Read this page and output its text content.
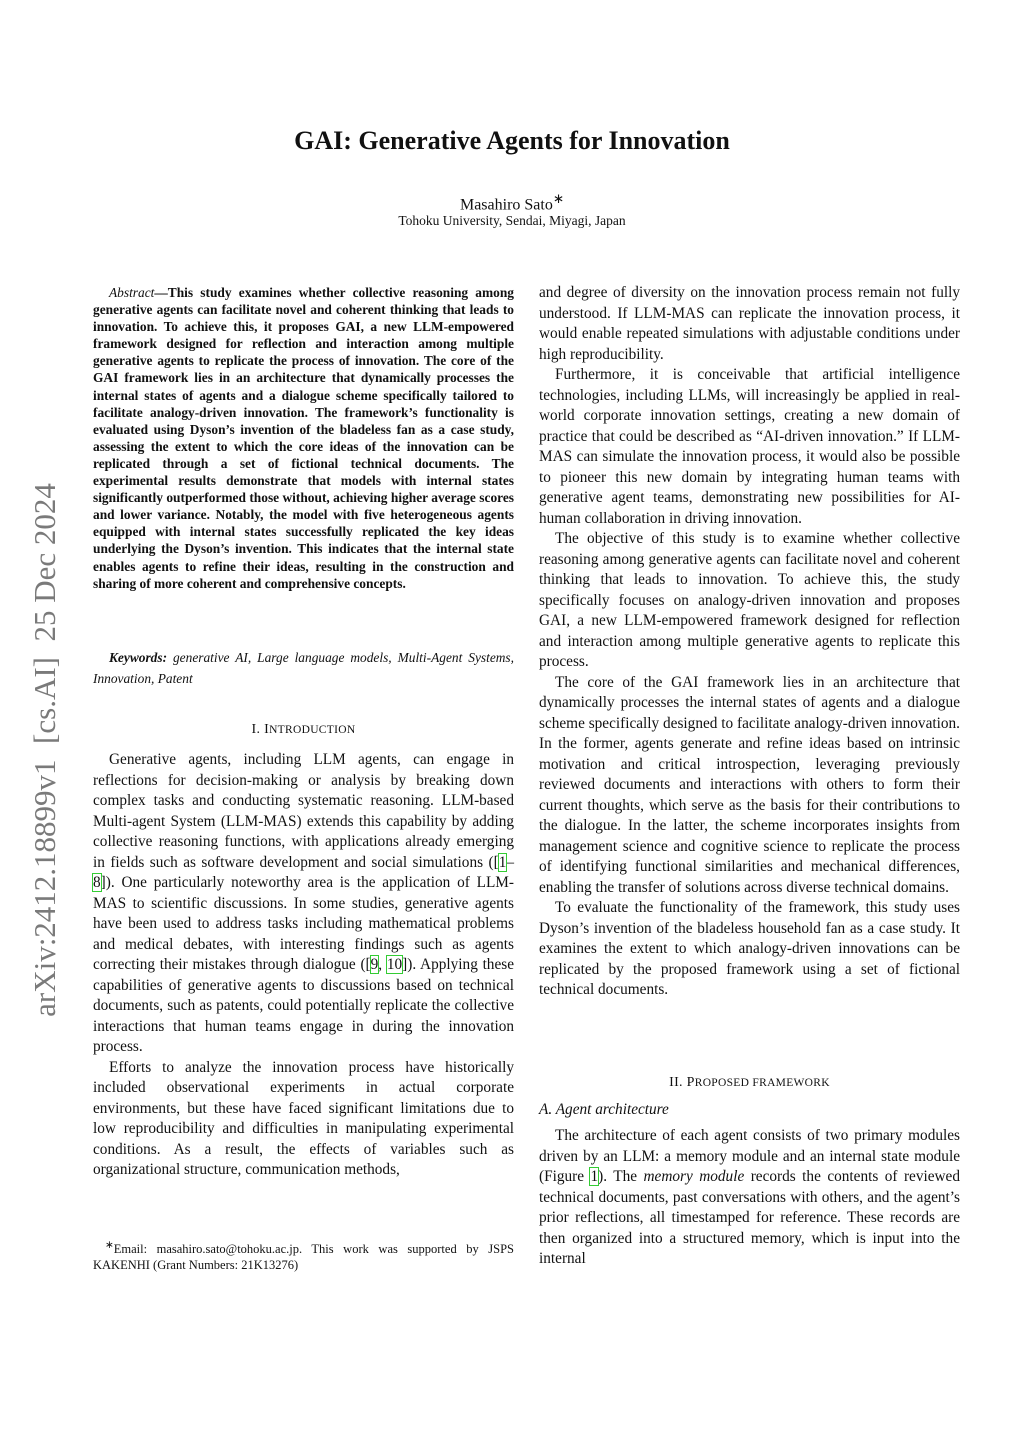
GAI: Generative Agents for Innovation
Masahiro Sato∗
Tohoku University, Sendai, Miyagi, Japan
arXiv:2412.18899v1  [cs.AI]  25 Dec 2024
Abstract—This study examines whether collective reasoning among generative agents can facilitate novel and coherent thinking that leads to innovation. To achieve this, it proposes GAI, a new LLM-empowered framework designed for reflection and interaction among multiple generative agents to replicate the process of innovation. The core of the GAI framework lies in an architecture that dynamically processes the internal states of agents and a dialogue scheme specifically tailored to facilitate analogy-driven innovation. The framework’s functionality is evaluated using Dyson’s invention of the bladeless fan as a case study, assessing the extent to which the core ideas of the innovation can be replicated through a set of fictional technical documents. The experimental results demonstrate that models with internal states significantly outperformed those without, achieving higher average scores and lower variance. Notably, the model with five heterogeneous agents equipped with internal states successfully replicated the key ideas underlying the Dyson’s invention. This indicates that the internal state enables agents to refine their ideas, resulting in the construction and sharing of more coherent and comprehensive concepts.
Keywords: generative AI, Large language models, Multi-Agent Systems, Innovation, Patent
I. INTRODUCTION

Generative agents, including LLM agents, can engage in reflections for decision-making or analysis by breaking down complex tasks and conducting systematic reasoning. LLM-based Multi-agent System (LLM-MAS) extends this capability by adding collective reasoning functions, with applications already emerging in fields such as software development and social simulations ([1–8]). One particularly noteworthy area is the application of LLM-MAS to scientific discussions. In some studies, generative agents have been used to address tasks including mathematical problems and medical debates, with interesting findings such as agents correcting their mistakes through dialogue ([9, 10]). Applying these capabilities of generative agents to discussions based on technical documents, such as patents, could potentially replicate the collective interactions that human teams engage in during the innovation process.

Efforts to analyze the innovation process have historically included observational experiments in actual corporate environments, but these have faced significant limitations due to low reproducibility and difficulties in manipulating experimental conditions. As a result, the effects of variables such as organizational structure, communication methods,

∗Email: masahiro.sato@tohoku.ac.jp. This work was supported by JSPS KAKENHI (Grant Numbers: 21K13276)

and degree of diversity on the innovation process remain not fully understood. If LLM-MAS can replicate the innovation process, it would enable repeated simulations with adjustable conditions under high reproducibility.

Furthermore, it is conceivable that artificial intelligence technologies, including LLMs, will increasingly be applied in real-world corporate innovation settings, creating a new domain of practice that could be described as “AI-driven innovation.” If LLM-MAS can simulate the innovation process, it would also be possible to pioneer this new domain by integrating human teams with generative agent teams, demonstrating new possibilities for AI-human collaboration in driving innovation.

The objective of this study is to examine whether collective reasoning among generative agents can facilitate novel and coherent thinking that leads to innovation. To achieve this, the study specifically focuses on analogy-driven innovation and proposes GAI, a new LLM-empowered framework designed for reflection and interaction among multiple generative agents to replicate this process.

The core of the GAI framework lies in an architecture that dynamically processes the internal states of agents and a dialogue scheme specifically designed to facilitate analogy-driven innovation. In the former, agents generate and refine ideas based on intrinsic motivation and critical introspection, leveraging previously reviewed documents and interactions with others to form their current thoughts, which serve as the basis for their contributions to the dialogue. In the latter, the scheme incorporates insights from management science and cognitive science to replicate the process of identifying functional similarities and mechanical differences, enabling the transfer of solutions across diverse technical domains.

To evaluate the functionality of the framework, this study uses Dyson’s invention of the bladeless household fan as a case study. It examines the extent to which analogy-driven innovations can be replicated by the proposed framework using a set of fictional technical documents.

II. PROPOSED FRAMEWORK
A. Agent architecture

The architecture of each agent consists of two primary modules driven by an LLM: a memory module and an internal state module (Figure 1). The memory module records the contents of reviewed technical documents, past conversations with others, and the agent’s prior reflections, all timestamped for reference. These records are then organized into a structured memory, which is input into the internal
